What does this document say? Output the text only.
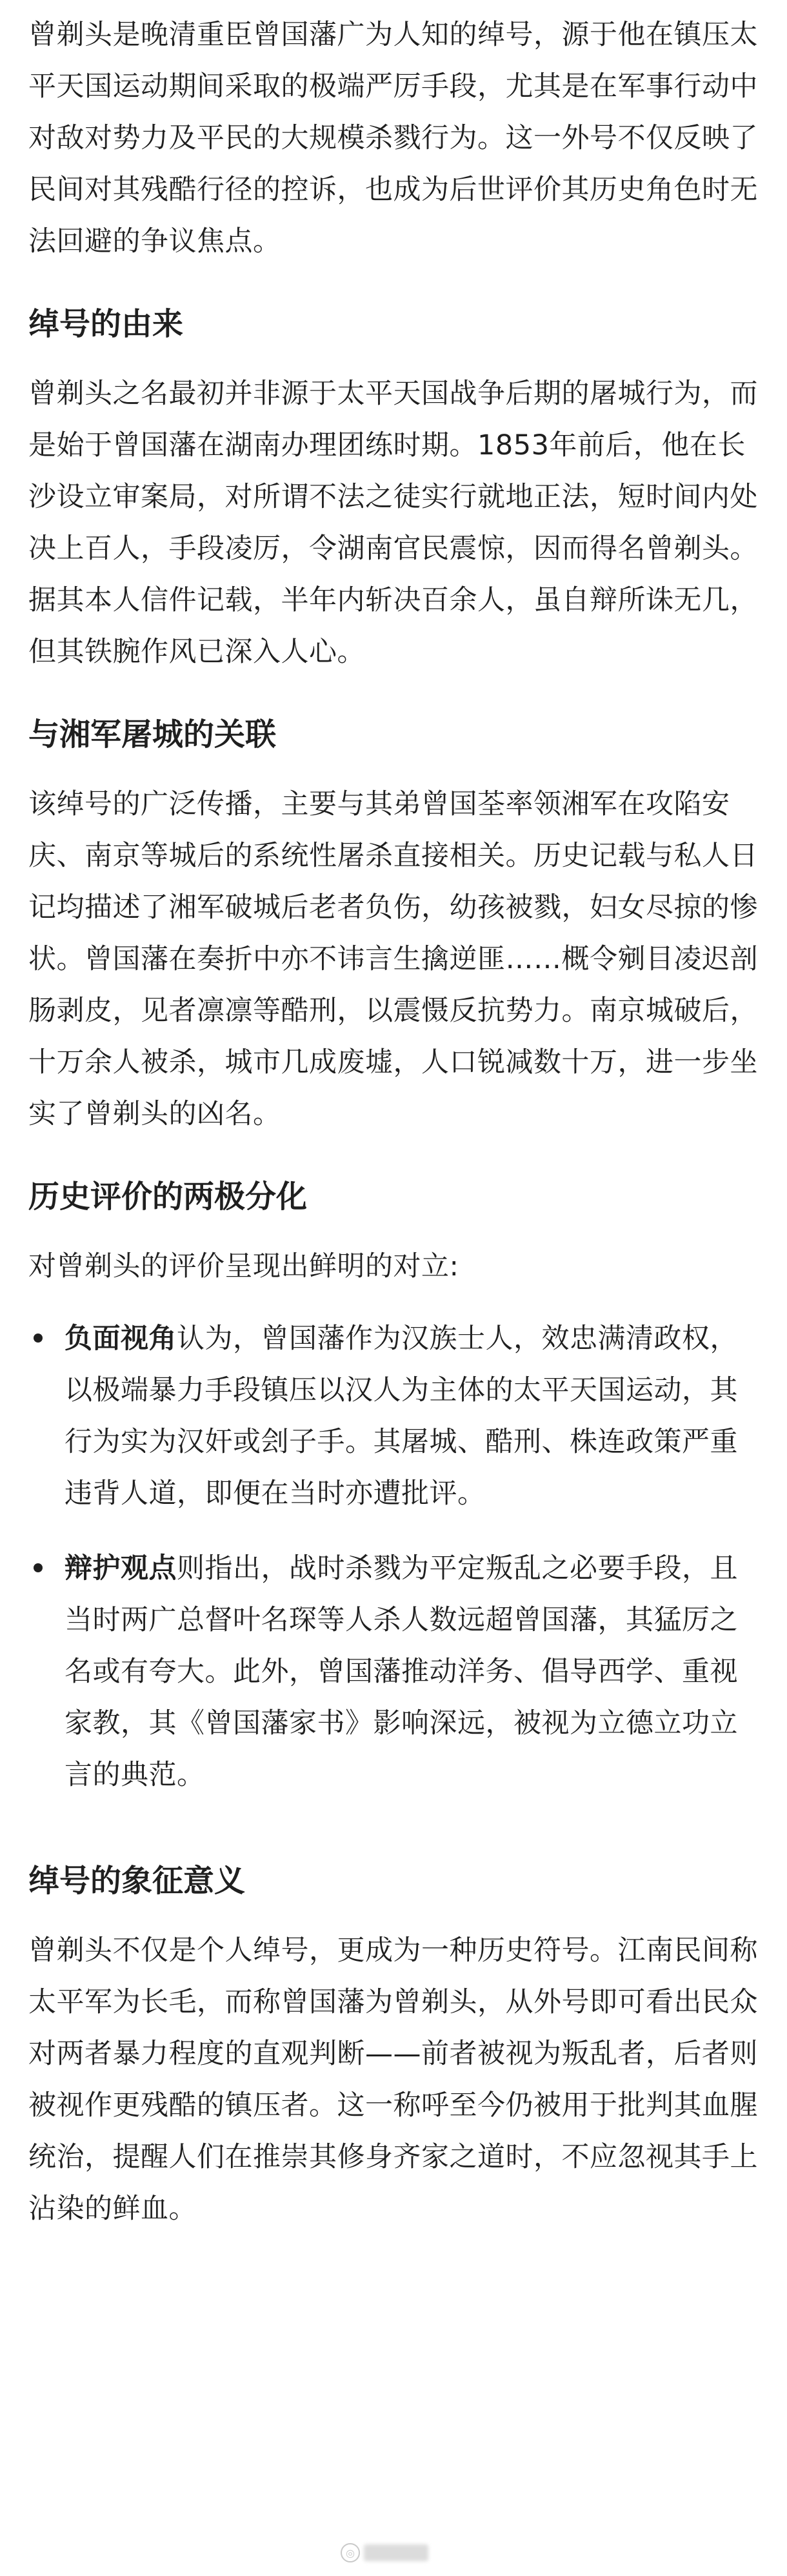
曾剃头是晚清重臣曾国藩广为人知的绰号，源于他在镇压太平天国运动期间采取的极端严厉手段，尤其是在军事行动中对敌对势力及平民的大规模杀戮行为。这一外号不仅反映了民间对其残酷行径的控诉，也成为后世评价其历史角色时无法回避的争议焦点。

绰号的由来

曾剃头之名最初并非源于太平天国战争后期的屠城行为，而是始于曾国藩在湖南办理团练时期。1853年前后，他在长沙设立审案局，对所谓不法之徒实行就地正法，短时间内处决上百人，手段凌厉，令湖南官民震惊，因而得名曾剃头。据其本人信件记载，半年内斩决百余人，虽自辩所诛无几，但其铁腕作风已深入人心。

与湘军屠城的关联

该绰号的广泛传播，主要与其弟曾国荃率领湘军在攻陷安庆、南京等城后的系统性屠杀直接相关。历史记载与私人日记均描述了湘军破城后老者负伤，幼孩被戮，妇女尽掠的惨状。曾国藩在奏折中亦不讳言生擒逆匪……概令剜目凌迟剖肠剥皮，见者凛凛等酷刑，以震慑反抗势力。南京城破后，十万余人被杀，城市几成废墟，人口锐减数十万，进一步坐实了曾剃头的凶名。

历史评价的两极分化

对曾剃头的评价呈现出鲜明的对立:

负面视角认为，曾国藩作为汉族士人，效忠满清政权，以极端暴力手段镇压以汉人为主体的太平天国运动，其行为实为汉奸或刽子手。其屠城、酷刑、株连政策严重违背人道，即便在当时亦遭批评。
辩护观点则指出，战时杀戮为平定叛乱之必要手段，且当时两广总督叶名琛等人杀人数远超曾国藩，其猛厉之名或有夸大。此外，曾国藩推动洋务、倡导西学、重视家教，其《曾国藩家书》影响深远，被视为立德立功立言的典范。
绰号的象征意义

曾剃头不仅是个人绰号，更成为一种历史符号。江南民间称太平军为长毛，而称曾国藩为曾剃头，从外号即可看出民众对两者暴力程度的直观判断——前者被视为叛乱者，后者则被视作更残酷的镇压者。这一称呼至今仍被用于批判其血腥统治，提醒人们在推崇其修身齐家之道时，不应忽视其手上沾染的鲜血。

◎
